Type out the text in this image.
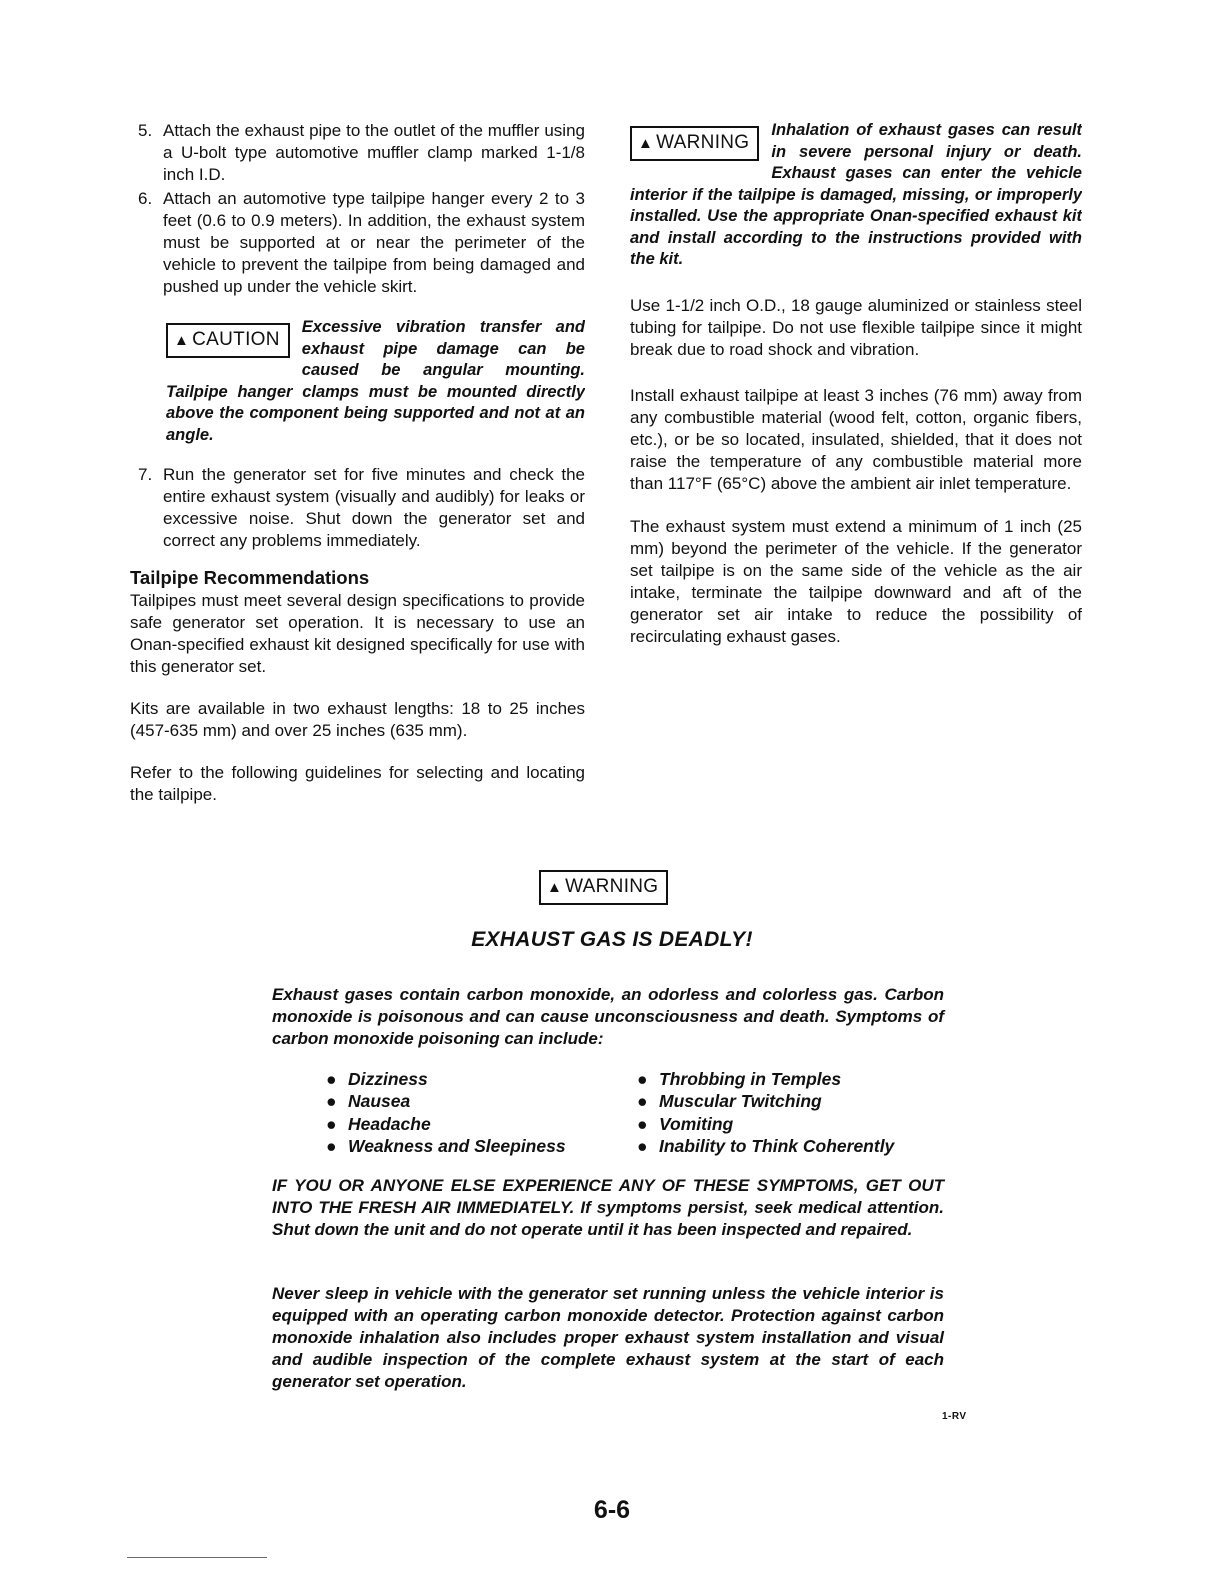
5. Attach the exhaust pipe to the outlet of the muffler using a U-bolt type automotive muffler clamp marked 1-1/8 inch I.D.
6. Attach an automotive type tailpipe hanger every 2 to 3 feet (0.6 to 0.9 meters). In addition, the exhaust system must be supported at or near the perimeter of the vehicle to prevent the tailpipe from being damaged and pushed up under the vehicle skirt.
▲ CAUTION
Excessive vibration transfer and exhaust pipe damage can be caused be angular mounting. Tailpipe hanger clamps must be mounted directly above the component being supported and not at an angle.
7. Run the generator set for five minutes and check the entire exhaust system (visually and audibly) for leaks or excessive noise. Shut down the generator set and correct any problems immediately.
Tailpipe Recommendations

Tailpipes must meet several design specifications to provide safe generator set operation. It is necessary to use an Onan-specified exhaust kit designed specifically for use with this generator set.

Kits are available in two exhaust lengths: 18 to 25 inches (457-635 mm) and over 25 inches (635 mm).

Refer to the following guidelines for selecting and locating the tailpipe.

▲ WARNING
Inhalation of exhaust gases can result in severe personal injury or death. Exhaust gases can enter the vehicle interior if the tailpipe is damaged, missing, or improperly installed. Use the appropriate Onan-specified exhaust kit and install according to the instructions provided with the kit.

Use 1-1/2 inch O.D., 18 gauge aluminized or stainless steel tubing for tailpipe. Do not use flexible tailpipe since it might break due to road shock and vibration.

Install exhaust tailpipe at least 3 inches (76 mm) away from any combustible material (wood felt, cotton, organic fibers, etc.), or be so located, insulated, shielded, that it does not raise the temperature of any combustible material more than 117°F (65°C) above the ambient air inlet temperature.

The exhaust system must extend a minimum of 1 inch (25 mm) beyond the perimeter of the vehicle. If the generator set tailpipe is on the same side of the vehicle as the air intake, terminate the tailpipe downward and aft of the generator set air intake to reduce the possibility of recirculating exhaust gases.

▲ WARNING
EXHAUST GAS IS DEADLY!

Exhaust gases contain carbon monoxide, an odorless and colorless gas. Carbon monoxide is poisonous and can cause unconsciousness and death. Symptoms of carbon monoxide poisoning can include:

● Dizziness
● Nausea
● Headache
● Weakness and Sleepiness
● Throbbing in Temples
● Muscular Twitching
● Vomiting
● Inability to Think Coherently

IF YOU OR ANYONE ELSE EXPERIENCE ANY OF THESE SYMPTOMS, GET OUT INTO THE FRESH AIR IMMEDIATELY. If symptoms persist, seek medical attention. Shut down the unit and do not operate until it has been inspected and repaired.

Never sleep in vehicle with the generator set running unless the vehicle interior is equipped with an operating carbon monoxide detector. Protection against carbon monoxide inhalation also includes proper exhaust system installation and visual and audible inspection of the complete exhaust system at the start of each generator set operation.

1-RV
6-6
